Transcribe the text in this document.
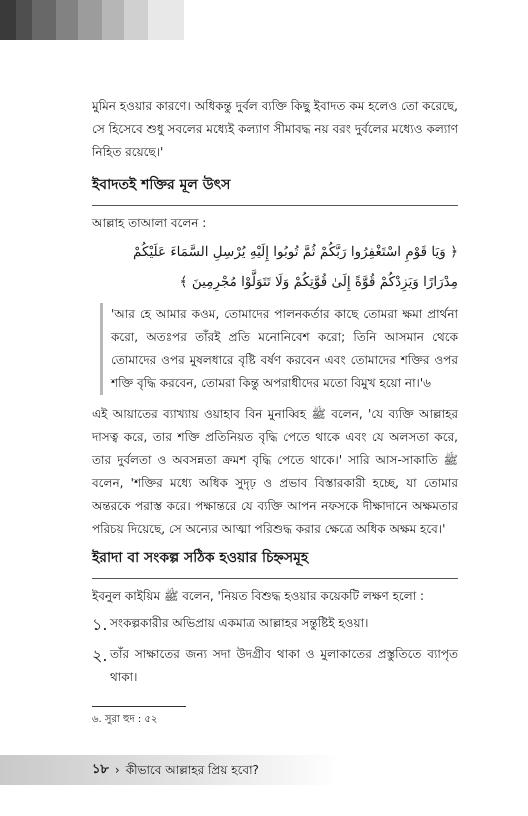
মুমিন হওয়ার কারণে। অধিকন্তু দুর্বল ব্যক্তি কিছু ইবাদত কম হলেও তো করেছে, সে হিসেবে শুধু সবলের মধ্যেই কল্যাণ সীমাবদ্ধ নয় বরং দুর্বলের মধ্যেও কল্যাণ নিহিত রয়েছে।'

ইবাদতই শক্তির মূল উৎস

আল্লাহ তাআলা বলেন :

﴿ وَيَا قَوْمِ اسْتَغْفِرُوا رَبَّكُمْ ثُمَّ تُوبُوا إِلَيْهِ يُرْسِلِ السَّمَاءَ عَلَيْكُمْ

مِدْرَارًا وَيَزِدْكُمْ قُوَّةً إِلَىٰ قُوَّتِكُمْ وَلَا تَتَوَلَّوْا مُجْرِمِينَ ﴾

'আর হে আমার কওম, তোমাদের পালনকর্তার কাছে তোমরা ক্ষমা প্রার্থনা করো, অতঃপর তাঁরই প্রতি মনোনিবেশ করো; তিনি আসমান থেকে তোমাদের ওপর মুষলধারে বৃষ্টি বর্ষণ করবেন এবং তোমাদের শক্তির ওপর শক্তি বৃদ্ধি করবেন, তোমরা কিন্তু অপরাধীদের মতো বিমুখ হয়ো না।'৬

এই আয়াতের ব্যাখ্যায় ওয়াহাব বিন মুনাব্বিহ ﷺ বলেন, 'যে ব্যক্তি আল্লাহর দাসত্ব করে, তার শক্তি প্রতিনিয়ত বৃদ্ধি পেতে থাকে এবং যে অলসতা করে, তার দুর্বলতা ও অবসন্নতা ক্রমশ বৃদ্ধি পেতে থাকে।' সারি আস-সাকাতি ﷺ বলেন, 'শক্তির মধ্যে অধিক সুদৃঢ় ও প্রভাব বিস্তারকারী হচ্ছে, যা তোমার অন্তরকে পরাস্ত করে। পক্ষান্তরে যে ব্যক্তি আপন নফসকে দীক্ষাদানে অক্ষমতার পরিচয় দিয়েছে, সে অন্যের আত্মা পরিশুদ্ধ করার ক্ষেত্রে অধিক অক্ষম হবে।'

ইরাদা বা সংকল্প সঠিক হওয়ার চিহ্নসমূহ

ইবনুল কাইয়িম ﷺ বলেন, 'নিয়ত বিশুদ্ধ হওয়ার কয়েকটি লক্ষণ হলো :

১. সংকল্পকারীর অভিপ্রায় একমাত্র আল্লাহর সন্তুষ্টিই হওয়া।

২. তাঁর সাক্ষাতের জন্য সদা উদগ্রীব থাকা ও মুলাকাতের প্রস্তুতিতে ব্যাপৃত থাকা।

৬. সুরা হুদ : ৫২
১৮ › কীভাবে আল্লাহর প্রিয় হবো?
